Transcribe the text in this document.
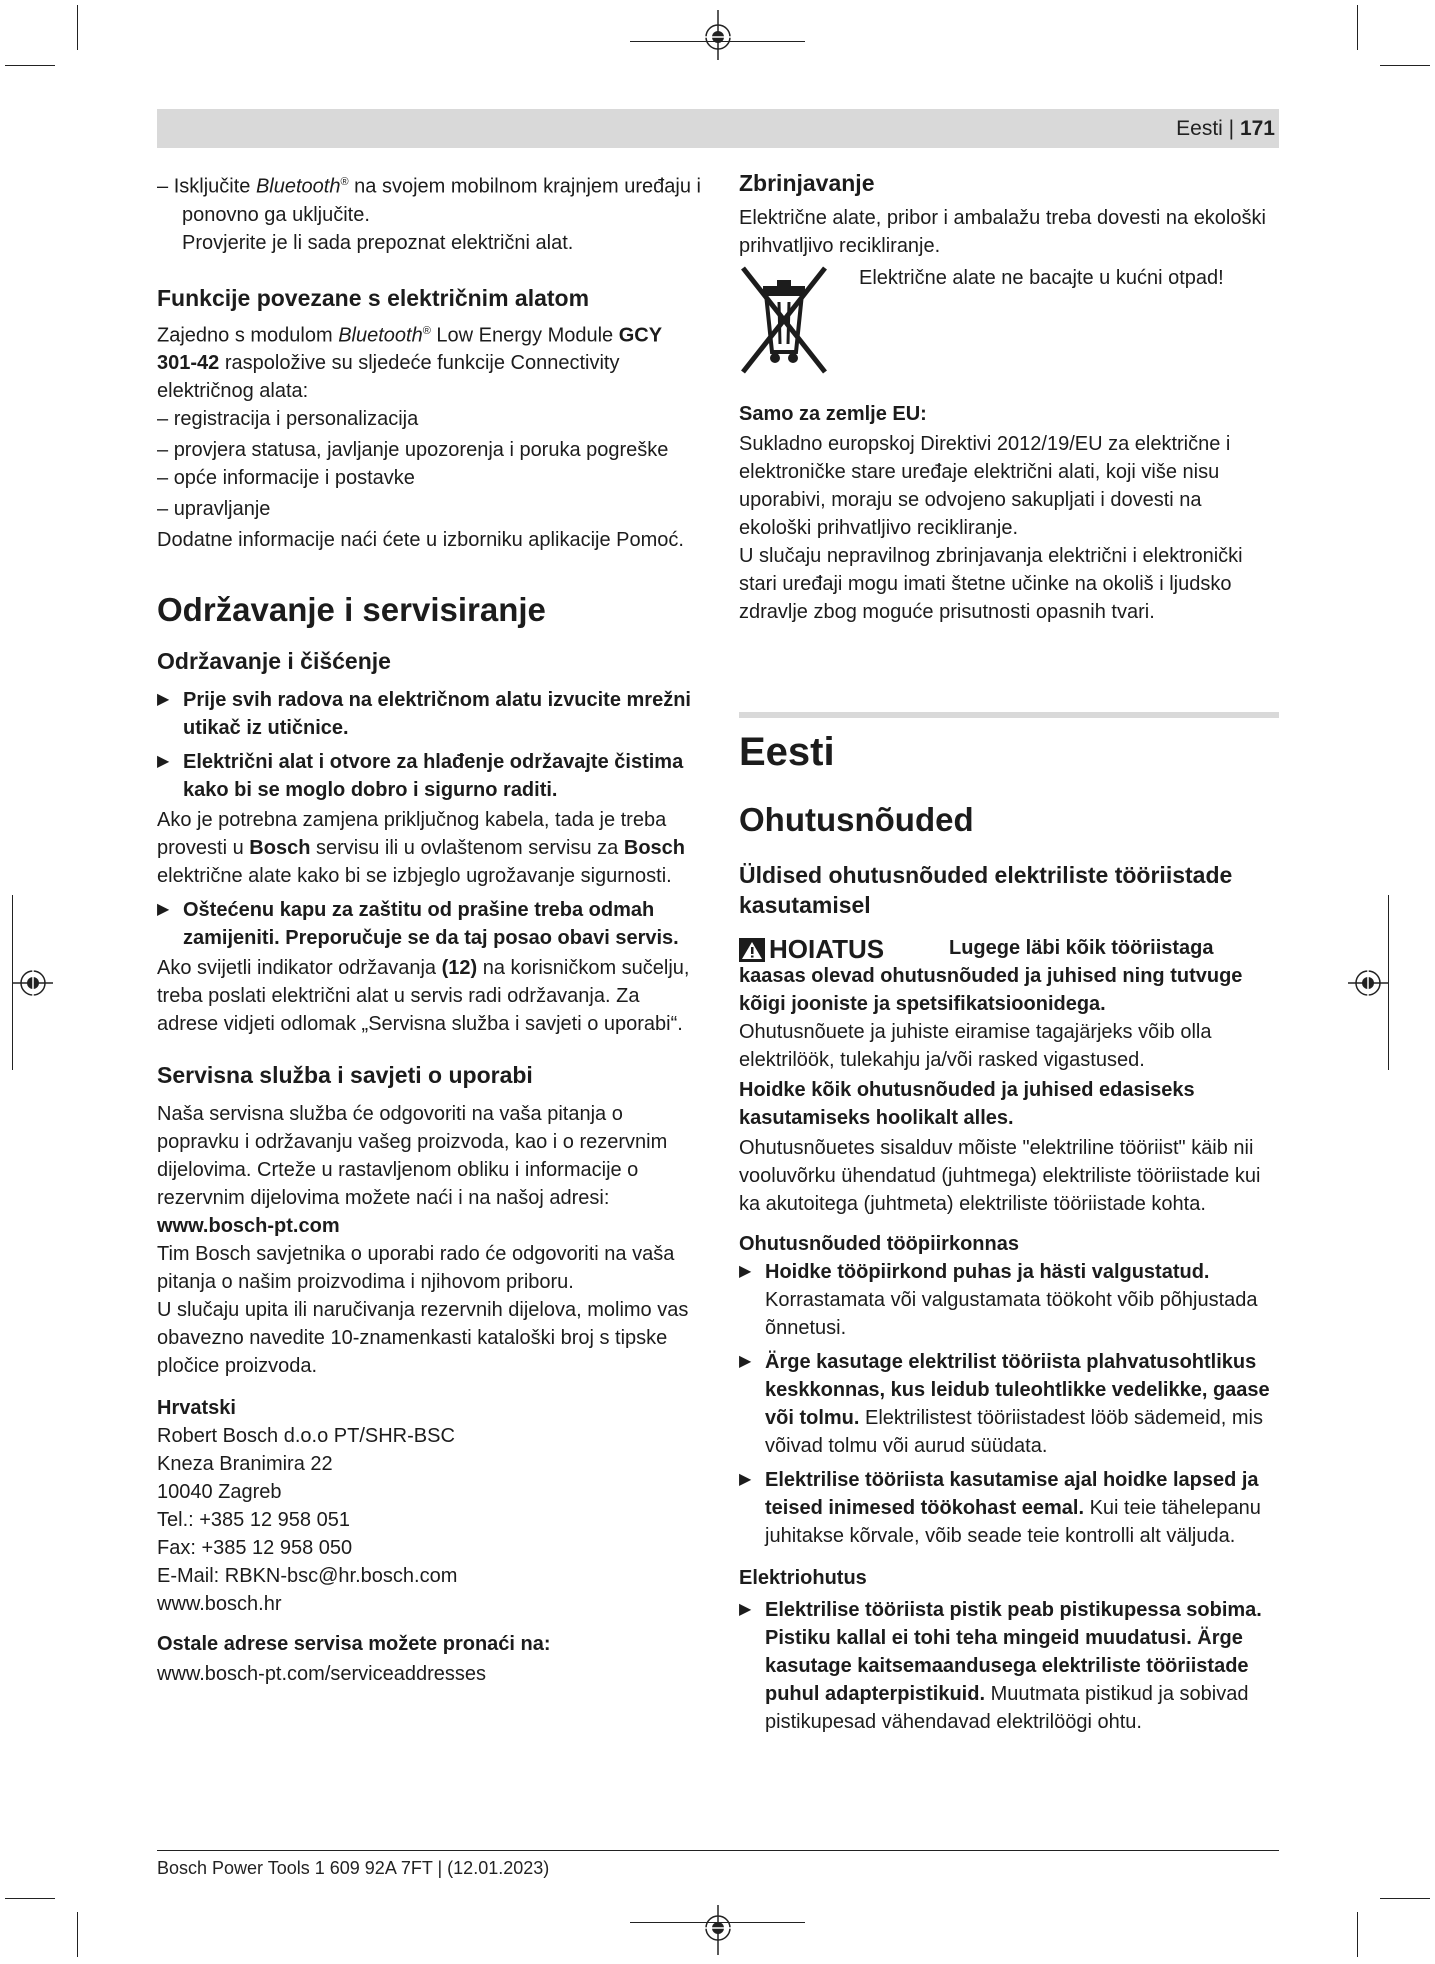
Eesti | 171

– Isključite Bluetooth® na svojem mobilnom krajnjem uređaju i ponovno ga uključite.

Provjerite je li sada prepoznat električni alat.

Funkcije povezane s električnim alatom

Zajedno s modulom Bluetooth® Low Energy Module GCY 301-42 raspoložive su sljedeće funkcije Connectivity električnog alata:

– registracija i personalizacija

– provjera statusa, javljanje upozorenja i poruka pogreške

– opće informacije i postavke

– upravljanje

Dodatne informacije naći ćete u izborniku aplikacije Pomoć.

Održavanje i servisiranje

Održavanje i čišćenje

▶ Prije svih radova na električnom alatu izvucite mrežni utikač iz utičnice.

▶ Električni alat i otvore za hlađenje održavajte čistima kako bi se moglo dobro i sigurno raditi.

Ako je potrebna zamjena priključnog kabela, tada je treba provesti u Bosch servisu ili u ovlaštenom servisu za Bosch električne alate kako bi se izbjeglo ugrožavanje sigurnosti.

▶ Oštećenu kapu za zaštitu od prašine treba odmah zamijeniti. Preporučuje se da taj posao obavi servis.

Ako svijetli indikator održavanja (12) na korisničkom sučelju, treba poslati električni alat u servis radi održavanja. Za adrese vidjeti odlomak „Servisna služba i savjeti o uporabi“.

Servisna služba i savjeti o uporabi

Naša servisna služba će odgovoriti na vaša pitanja o popravku i održavanju vašeg proizvoda, kao i o rezervnim dijelovima. Crteže u rastavljenom obliku i informacije o rezervnim dijelovima možete naći i na našoj adresi:

www.bosch-pt.com

Tim Bosch savjetnika o uporabi rado će odgovoriti na vaša pitanja o našim proizvodima i njihovom priboru.

U slučaju upita ili naručivanja rezervnih dijelova, molimo vas obavezno navedite 10-znamenkasti kataloški broj s tipske pločice proizvoda.

Hrvatski

Robert Bosch d.o.o PT/SHR-BSC

Kneza Branimira 22

10040 Zagreb

Tel.: +385 12 958 051

Fax: +385 12 958 050

E-Mail: RBKN-bsc@hr.bosch.com

www.bosch.hr

Ostale adrese servisa možete pronaći na:

www.bosch-pt.com/serviceaddresses

Zbrinjavanje

Električne alate, pribor i ambalažu treba dovesti na ekološki prihvatljivo recikliranje.

Električne alate ne bacajte u kućni otpad!

Samo za zemlje EU:

Sukladno europskoj Direktivi 2012/19/EU za električne i elektroničke stare uređaje električni alati, koji više nisu uporabivi, moraju se odvojeno sakupljati i dovesti na ekološki prihvatljivo recikliranje.

U slučaju nepravilnog zbrinjavanja električni i elektronički stari uređaji mogu imati štetne učinke na okoliš i ljudsko zdravlje zbog moguće prisutnosti opasnih tvari.

Eesti

Ohutusnõuded

Üldised ohutusnõuded elektriliste tööriistade kasutamisel

HOIATUS	Lugege läbi kõik tööriistaga kaasas olevad ohutusnõuded ja juhised ning tutvuge kõigi jooniste ja spetsifikatsioonidega.

Ohutusnõuete ja juhiste eiramise tagajärjeks võib olla elektrilöök, tulekahju ja/või rasked vigastused.

Hoidke kõik ohutusnõuded ja juhised edasiseks kasutamiseks hoolikalt alles.

Ohutusnõuetes sisalduv mõiste "elektriline tööriist" käib nii vooluvõrku ühendatud (juhtmega) elektriliste tööriistade kui ka akutoitega (juhtmeta) elektriliste tööriistade kohta.

Ohutusnõuded tööpiirkonnas

▶ Hoidke tööpiirkond puhas ja hästi valgustatud. Korrastamata või valgustamata töökoht võib põhjustada õnnetusi.

▶ Ärge kasutage elektrilist tööriista plahvatusohtlikus keskkonnas, kus leidub tuleohtlikke vedelikke, gaase või tolmu. Elektrilistest tööriistadest lööb sädemeid, mis võivad tolmu või aurud süüdata.

▶ Elektrilise tööriista kasutamise ajal hoidke lapsed ja teised inimesed töökohast eemal. Kui teie tähelepanu juhitakse kõrvale, võib seade teie kontrolli alt väljuda.

Elektriohutus

▶ Elektrilise tööriista pistik peab pistikupessa sobima. Pistiku kallal ei tohi teha mingeid muudatusi. Ärge kasutage kaitsemaandusega elektriliste tööriistade puhul adapterpistikuid. Muutmata pistikud ja sobivad pistikupesad vähendavad elektrilöögi ohtu.

Bosch Power Tools 1 609 92A 7FT | (12.01.2023)
